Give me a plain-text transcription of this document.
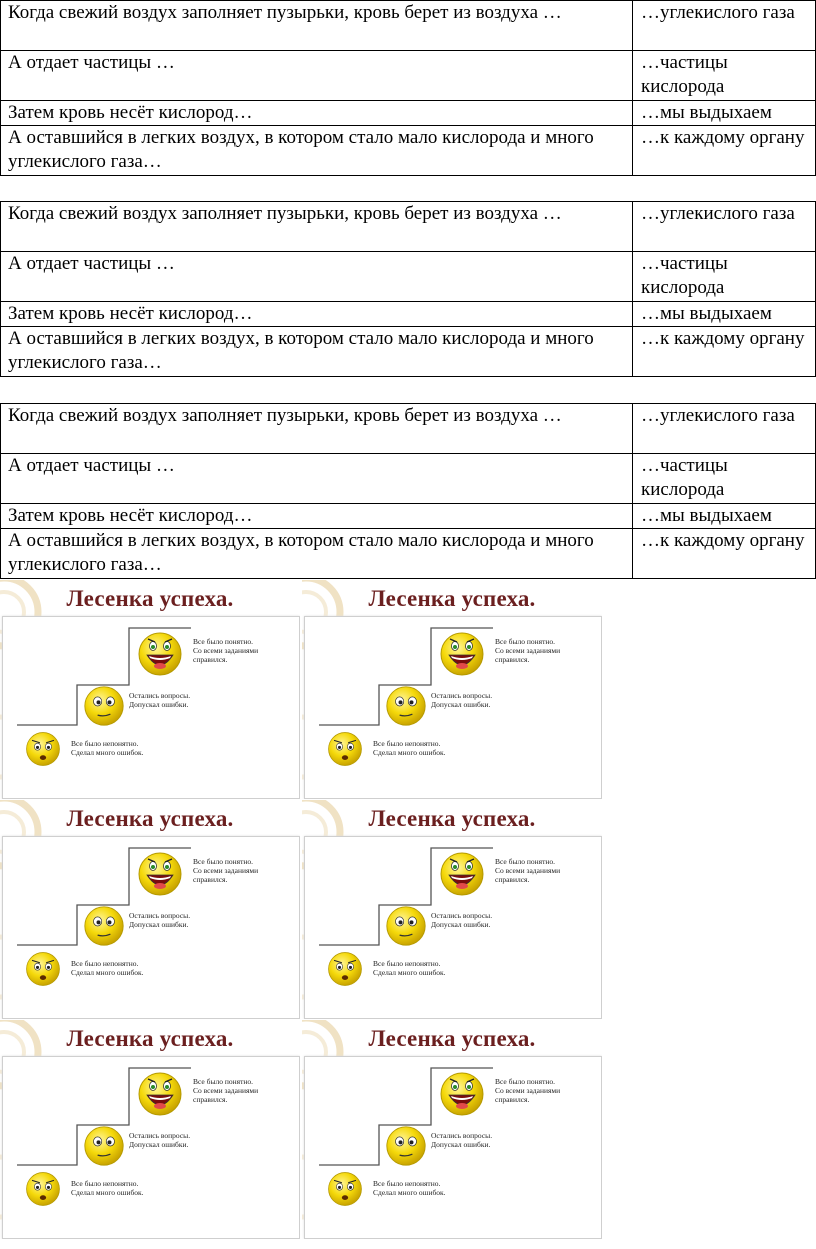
Когда свежий воздух заполняет пузырьки, кровь берет из воздуха …	…углекислого газа
А отдает частицы …	…частицы кислорода
Затем кровь несёт кислород…	…мы выдыхаем
А оставшийся в легких воздух, в котором стало мало кислорода и много углекислого газа…	…к каждому органу
Когда свежий воздух заполняет пузырьки, кровь берет из воздуха …	…углекислого газа
А отдает частицы …	…частицы кислорода
Затем кровь несёт кислород…	…мы выдыхаем
А оставшийся в легких воздух, в котором стало мало кислорода и много углекислого газа…	…к каждому органу
Когда свежий воздух заполняет пузырьки, кровь берет из воздуха …	…углекислого газа
А отдает частицы …	…частицы кислорода
Затем кровь несёт кислород…	…мы выдыхаем
А оставшийся в легких воздух, в котором стало мало кислорода и много углекислого газа…	…к каждому органу
Лесенка успеха.
Все было понятно.
Со всеми заданиями
справился.
Остались вопросы.
Допускал ошибки.
Все было непонятно.
Сделал много ошибок.
Лесенка успеха.
Все было понятно.
Со всеми заданиями
справился.
Остались вопросы.
Допускал ошибки.
Все было непонятно.
Сделал много ошибок.
Лесенка успеха.
Все было понятно.
Со всеми заданиями
справился.
Остались вопросы.
Допускал ошибки.
Все было непонятно.
Сделал много ошибок.
Лесенка успеха.
Все было понятно.
Со всеми заданиями
справился.
Остались вопросы.
Допускал ошибки.
Все было непонятно.
Сделал много ошибок.
Лесенка успеха.
Все было понятно.
Со всеми заданиями
справился.
Остались вопросы.
Допускал ошибки.
Все было непонятно.
Сделал много ошибок.
Лесенка успеха.
Все было понятно.
Со всеми заданиями
справился.
Остались вопросы.
Допускал ошибки.
Все было непонятно.
Сделал много ошибок.
